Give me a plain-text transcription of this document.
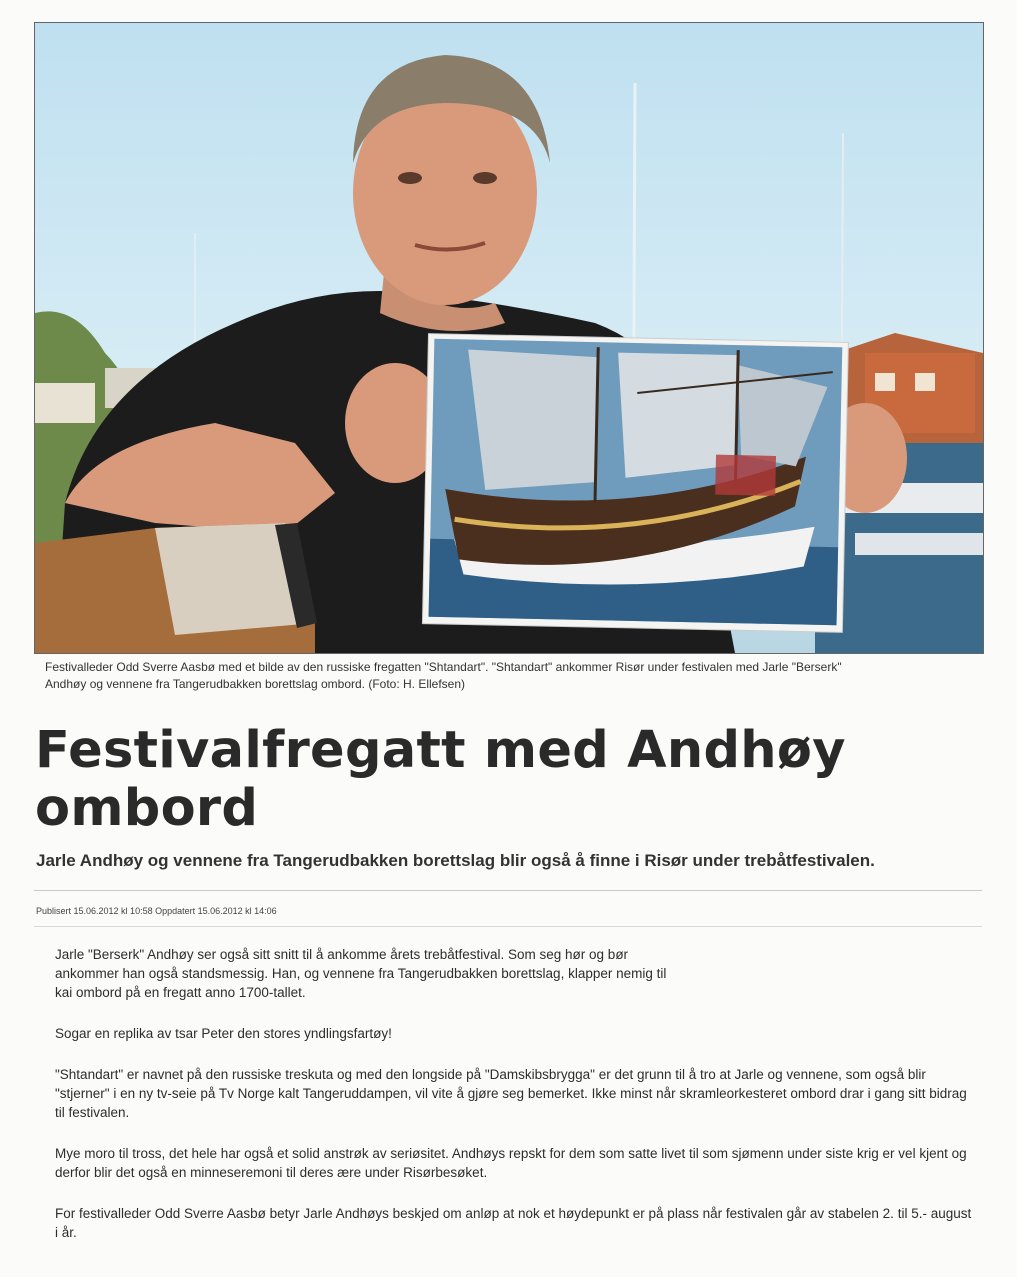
Festivalleder Odd Sverre Aasbø med et bilde av den russiske fregatten "Shtandart". "Shtandart" ankommer Risør under festivalen med Jarle "Berserk"
Andhøy og vennene fra Tangerudbakken borettslag ombord. (Foto: H. Ellefsen)
Festivalfregatt med Andhøy
ombord
Jarle Andhøy og vennene fra Tangerudbakken borettslag blir også å finne i Risør under trebåtfestivalen.
Publisert 15.06.2012 kl 10:58 Oppdatert 15.06.2012 kl 14:06

Jarle "Berserk" Andhøy ser også sitt snitt til å ankomme årets trebåtfestival. Som seg hør og bør ankommer han også standsmessig. Han, og vennene fra Tangerudbakken borettslag, klapper nemig til kai ombord på en fregatt anno 1700-tallet.

Sogar en replika av tsar Peter den stores yndlingsfartøy!

"Shtandart" er navnet på den russiske treskuta og med den longside på "Damskibsbrygga" er det grunn til å tro at Jarle og vennene, som også blir "stjerner" i en ny tv-seie på Tv Norge kalt Tangeruddampen, vil vite å gjøre seg bemerket. Ikke minst når skramleorkesteret ombord drar i gang sitt bidrag til festivalen.

Mye moro til tross, det hele har også et solid anstrøk av seriøsitet. Andhøys repskt for dem som satte livet til som sjømenn under siste krig er vel kjent og derfor blir det også en minneseremoni til deres ære under Risørbesøket.

For festivalleder Odd Sverre Aasbø betyr Jarle Andhøys beskjed om anløp at nok et høydepunkt er på plass når festivalen går av stabelen 2. til 5.- august i år.
